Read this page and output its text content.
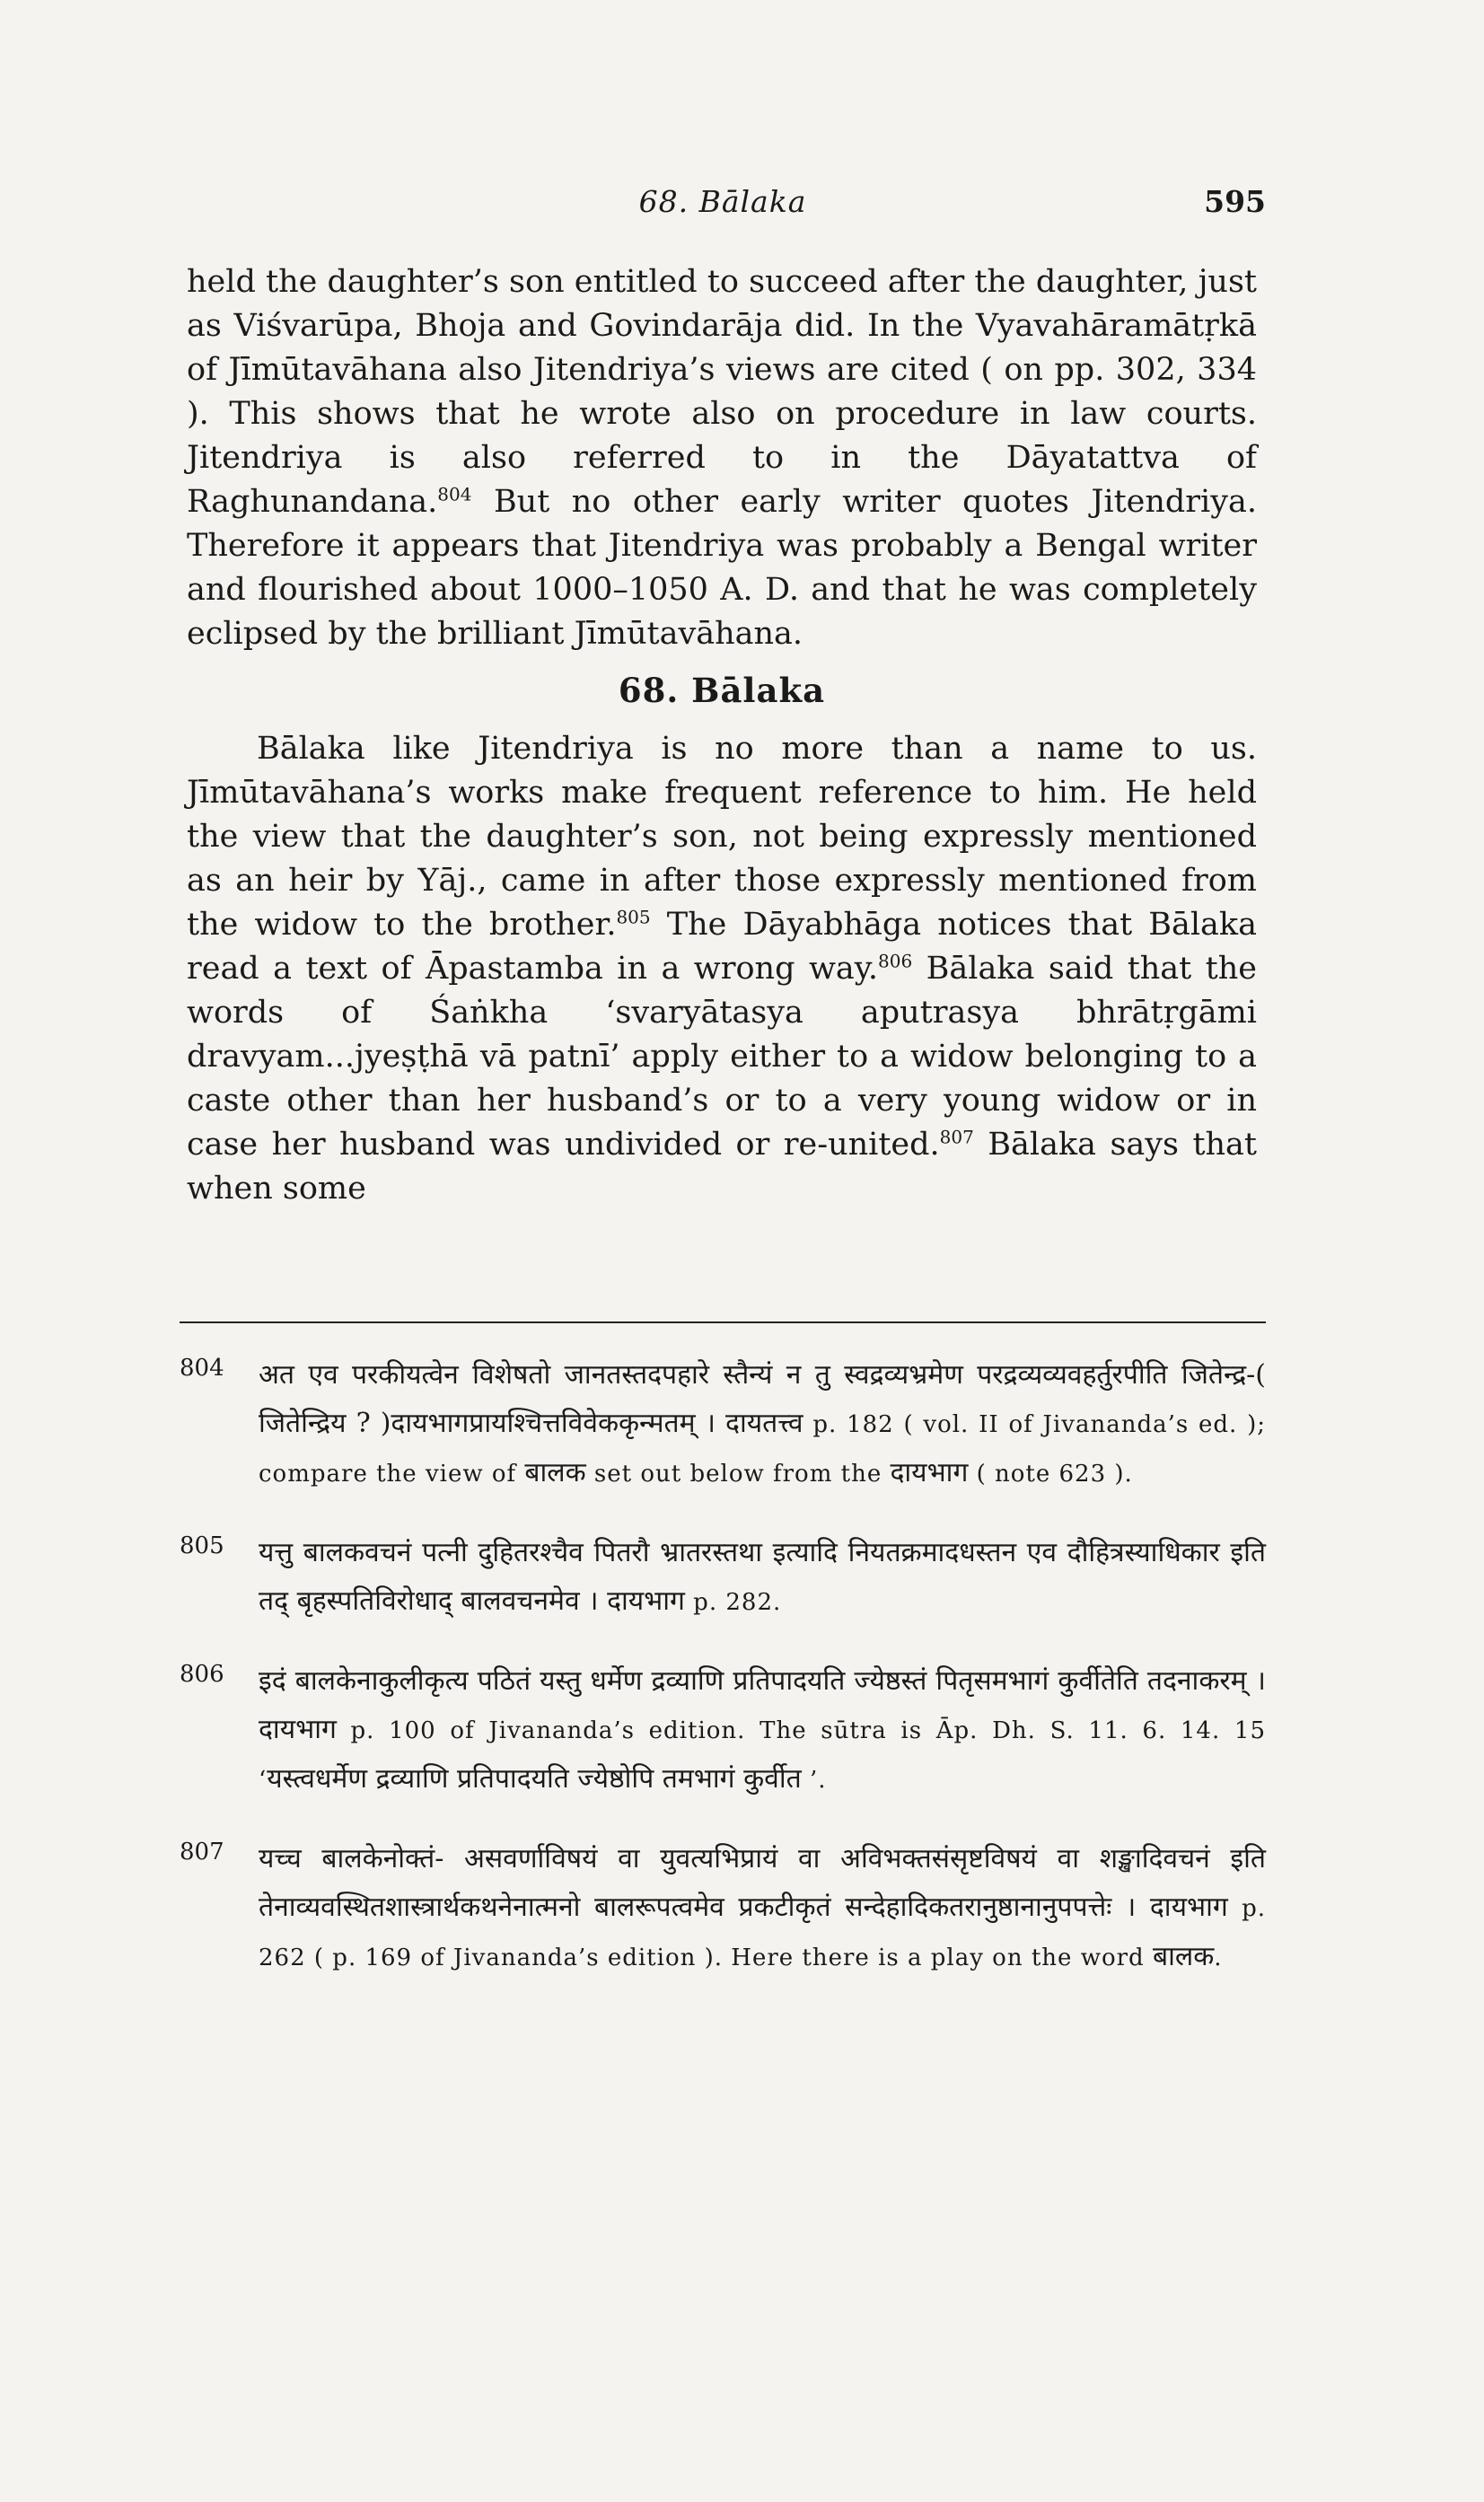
68. Bālaka	595

held the daughter’s son entitled to succeed after the daughter, just as Viśvarūpa, Bhoja and Govindarāja did. In the Vyavahāramātṛkā of Jīmūtavāhana also Jitendriya’s views are cited ( on pp. 302, 334 ). This shows that he wrote also on procedure in law courts. Jitendriya is also referred to in the Dāyatattva of Raghunandana.$^{804}$ But no other early writer quotes Jitendriya. Therefore it appears that Jitendriya was probably a Bengal writer and flourished about 1000–1050 A. D. and that he was completely eclipsed by the brilliant Jīmūtavāhana.

68. Bālaka

Bālaka like Jitendriya is no more than a name to us. Jīmūtavāhana’s works make frequent reference to him. He held the view that the daughter’s son, not being expressly mentioned as an heir by Yāj., came in after those expressly mentioned from the widow to the brother.$^{805}$ The Dāyabhāga notices that Bālaka read a text of Āpastamba in a wrong way.$^{806}$ Bālaka said that the words of Śaṅkha ‘svaryātasya aputrasya bhrātṛgāmi dravyam...jyeṣṭhā vā patnī’ apply either to a widow belonging to a caste other than her husband’s or to a very young widow or in case her husband was undivided or re-united.$^{807}$ Bālaka says that when some

804 अत एव परकीयत्वेन विशेषतो जानतस्तदपहारे स्तैन्यं न तु स्वद्रव्यभ्रमेण परद्रव्यव्यवहर्तुरपीति जितेन्द्र-( जितेन्द्रिय ? )दायभागप्रायश्चित्तविवेककृन्मतम् । दायतत्त्व p. 182 ( vol. II of Jivananda’s ed. ); compare the view of बालक set out below from the दायभाग ( note 623 ).
805 यत्तु बालकवचनं पत्नी दुहितरश्चैव पितरौ भ्रातरस्तथा इत्यादि नियतक्रमादधस्तन एव दौहित्रस्याधिकार इति तद् बृहस्पतिविरोधाद् बालवचनमेव । दायभाग p. 282.
806 इदं बालकेनाकुलीकृत्य पठितं यस्तु धर्मेण द्रव्याणि प्रतिपादयति ज्येष्ठस्तं पितृसमभागं कुर्वीतेति तदनाकरम् । दायभाग p. 100 of Jivananda’s edition. The sūtra is Āp. Dh. S. 11. 6. 14. 15 ‘यस्त्वधर्मेण द्रव्याणि प्रतिपादयति ज्येष्ठोपि तमभागं कुर्वीत ’.
807 यच्च बालकेनोक्तं- असवर्णाविषयं वा युवत्यभिप्रायं वा अविभक्तसंसृष्टविषयं वा शङ्खादिवचनं इति तेनाव्यवस्थितशास्त्रार्थकथनेनात्मनो बालरूपत्वमेव प्रकटीकृतं सन्देहादिकतरानुष्ठानानुपपत्तेः । दायभाग p. 262 ( p. 169 of Jivananda’s edition ). Here there is a play on the word बालक.
